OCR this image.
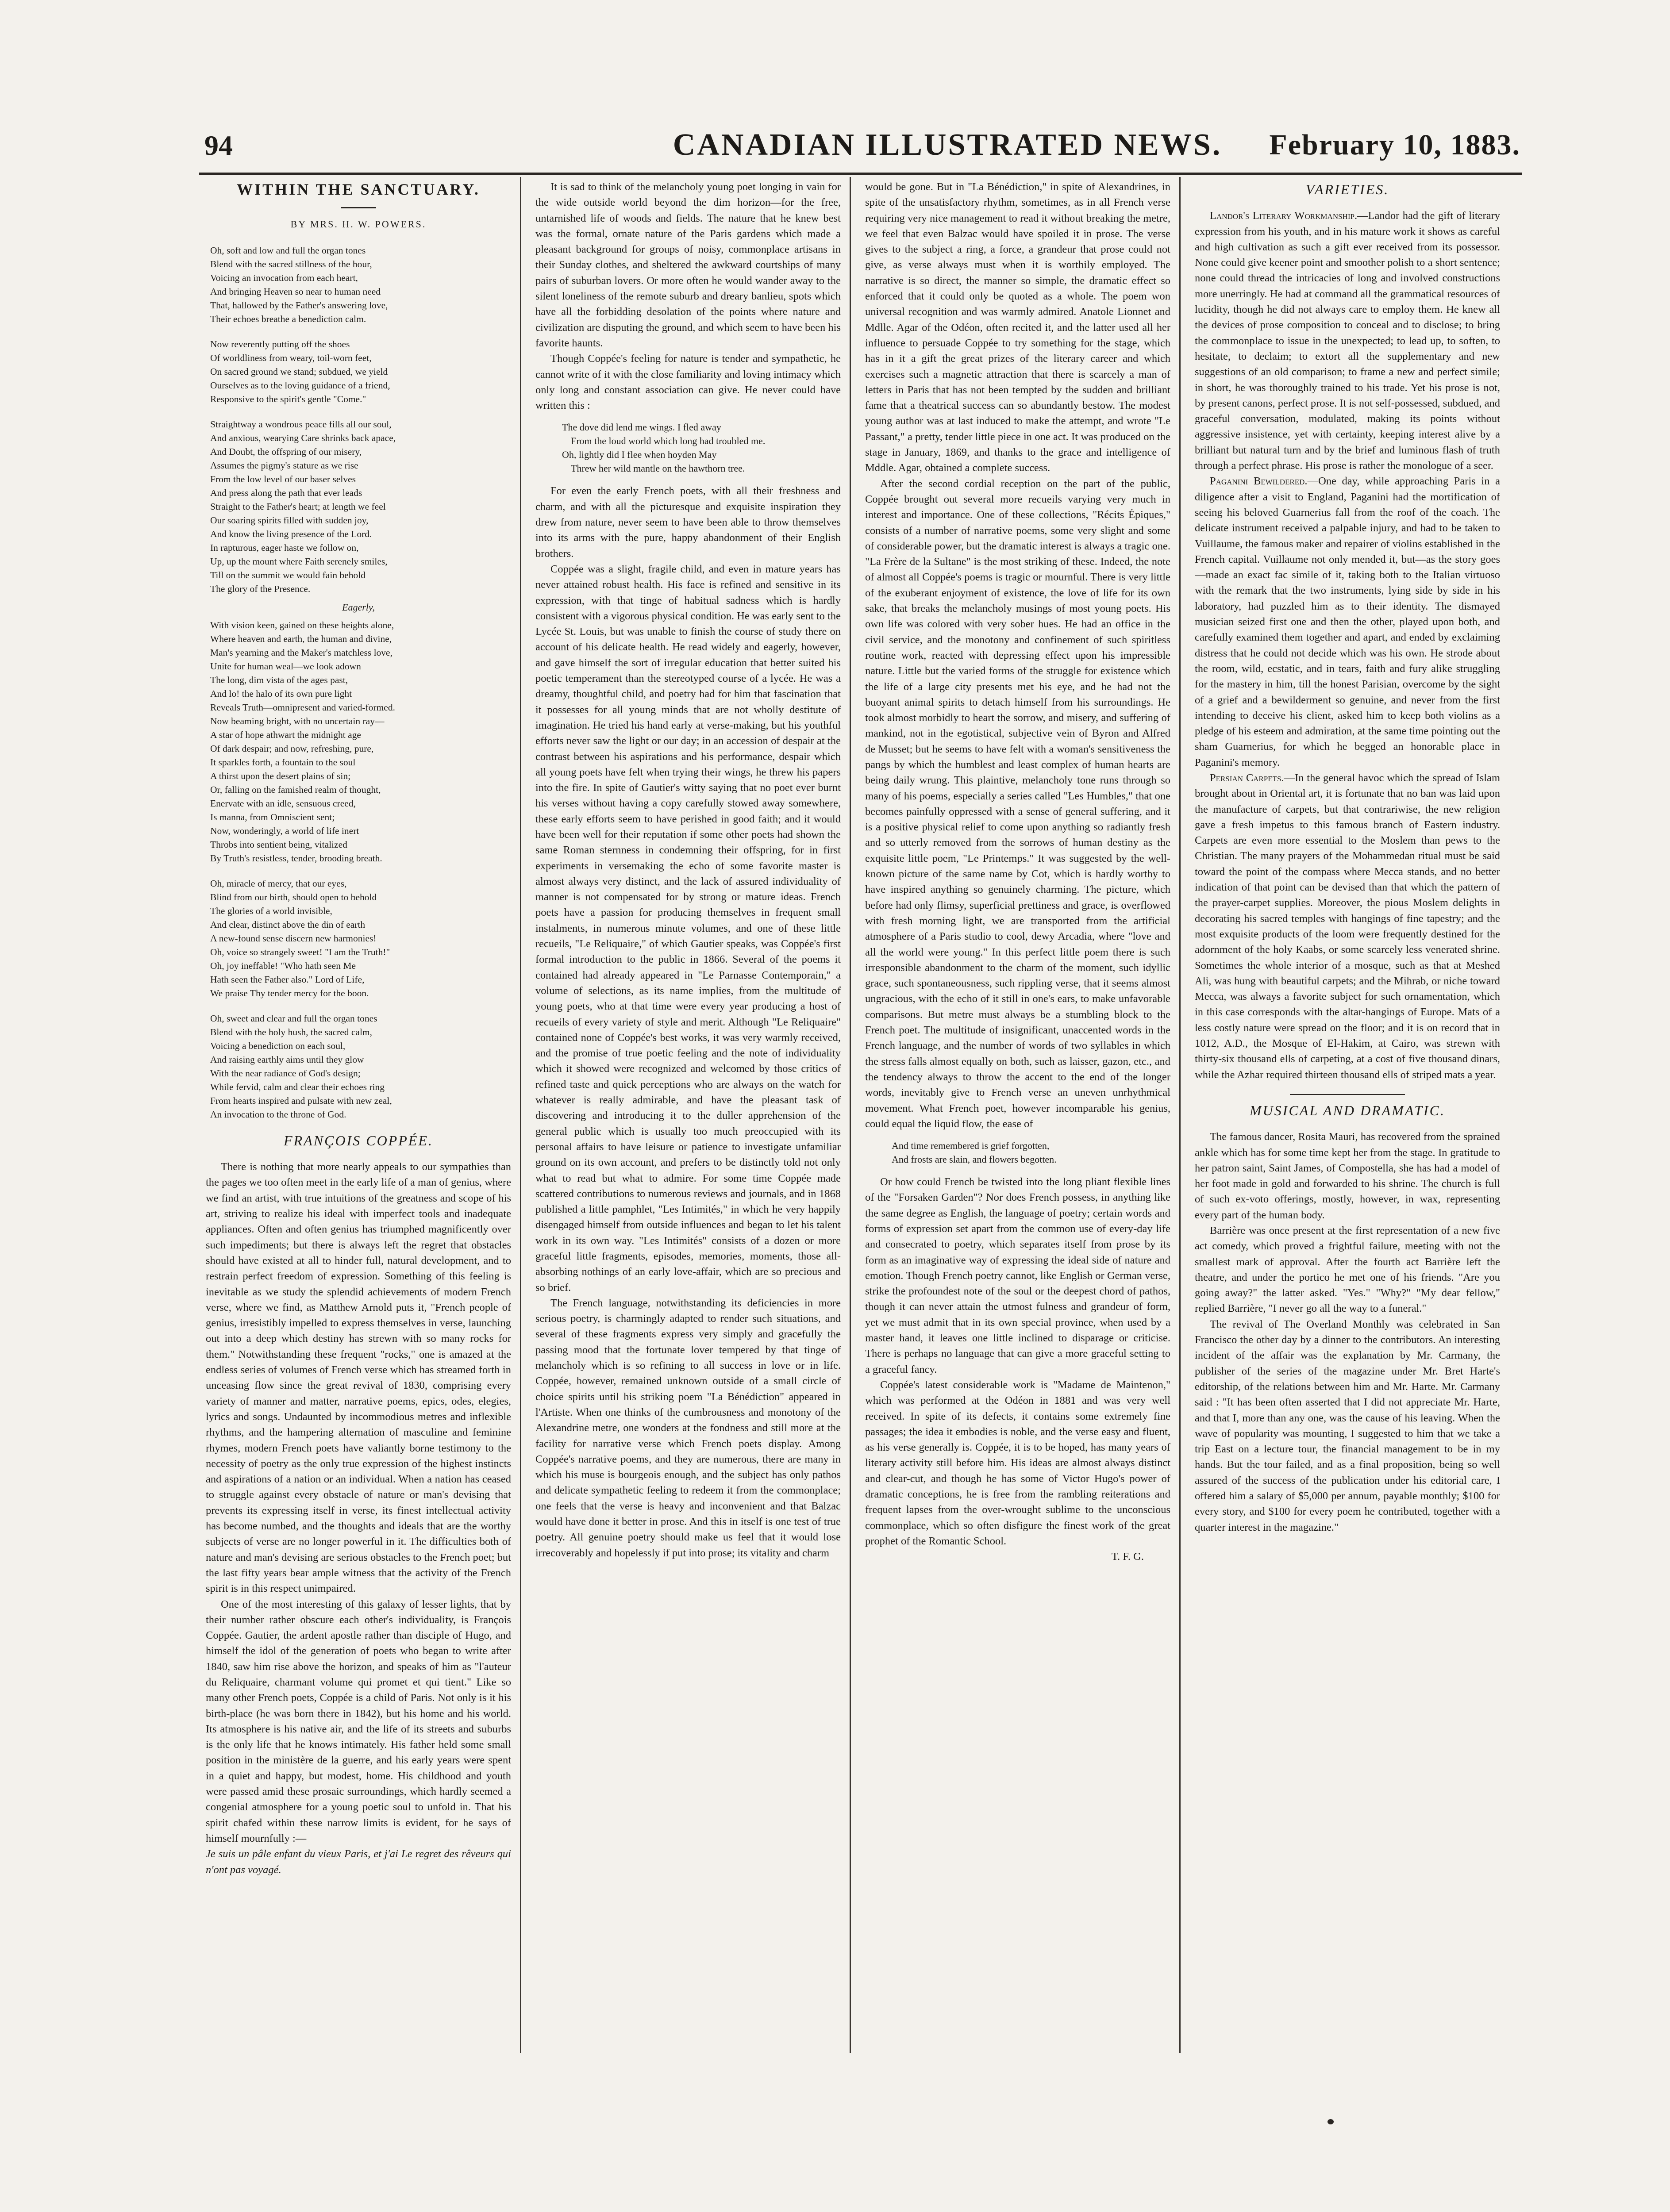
94	CANADIAN ILLUSTRATED NEWS.	February 10, 1883.
WITHIN THE SANCTUARY.
BY MRS. H. W. POWERS.
Oh, soft and low and full the organ tones
Blend with the sacred stillness of the hour,
Voicing an invocation from each heart,
And bringing Heaven so near to human need
That, hallowed by the Father's answering love,
Their echoes breathe a benediction calm.
Now reverently putting off the shoes
Of worldliness from weary, toil-worn feet,
On sacred ground we stand; subdued, we yield
Ourselves as to the loving guidance of a friend,
Responsive to the spirit's gentle "Come."
Straightway a wondrous peace fills all our soul,
And anxious, wearying Care shrinks back apace,
And Doubt, the offspring of our misery,
Assumes the pigmy's stature as we rise
From the low level of our baser selves
And press along the path that ever leads
Straight to the Father's heart; at length we feel
Our soaring spirits filled with sudden joy,
And know the living presence of the Lord.
In rapturous, eager haste we follow on,
Up, up the mount where Faith serenely smiles,
Till on the summit we would fain behold
The glory of the Presence.
Eagerly,
With vision keen, gained on these heights alone,
Where heaven and earth, the human and divine,
Man's yearning and the Maker's matchless love,
Unite for human weal—we look adown
The long, dim vista of the ages past,
And lo! the halo of its own pure light
Reveals Truth—omnipresent and varied-formed.
Now beaming bright, with no uncertain ray—
A star of hope athwart the midnight age
Of dark despair; and now, refreshing, pure,
It sparkles forth, a fountain to the soul
A thirst upon the desert plains of sin;
Or, falling on the famished realm of thought,
Enervate with an idle, sensuous creed,
Is manna, from Omniscient sent;
Now, wonderingly, a world of life inert
Throbs into sentient being, vitalized
By Truth's resistless, tender, brooding breath.
Oh, miracle of mercy, that our eyes,
Blind from our birth, should open to behold
The glories of a world invisible,
And clear, distinct above the din of earth
A new-found sense discern new harmonies!
Oh, voice so strangely sweet! "I am the Truth!"
Oh, joy ineffable! "Who hath seen Me
Hath seen the Father also." Lord of Life,
We praise Thy tender mercy for the boon.
Oh, sweet and clear and full the organ tones
Blend with the holy hush, the sacred calm,
Voicing a benediction on each soul,
And raising earthly aims until they glow
With the near radiance of God's design;
While fervid, calm and clear their echoes ring
From hearts inspired and pulsate with new zeal,
An invocation to the throne of God.
FRANÇOIS COPPÉE.

There is nothing that more nearly appeals to our sympathies than the pages we too often meet in the early life of a man of genius, where we find an artist, with true intuitions of the greatness and scope of his art, striving to realize his ideal with imperfect tools and inadequate appliances. Often and often genius has triumphed magnificently over such impediments; but there is always left the regret that obstacles should have existed at all to hinder full, natural development, and to restrain perfect freedom of expression. Something of this feeling is inevitable as we study the splendid achievements of modern French verse, where we find, as Matthew Arnold puts it, "French people of genius, irresistibly impelled to express themselves in verse, launching out into a deep which destiny has strewn with so many rocks for them." Notwithstanding these frequent "rocks," one is amazed at the endless series of volumes of French verse which has streamed forth in unceasing flow since the great revival of 1830, comprising every variety of manner and matter, narrative poems, epics, odes, elegies, lyrics and songs. Undaunted by incommodious metres and inflexible rhythms, and the hampering alternation of masculine and feminine rhymes, modern French poets have valiantly borne testimony to the necessity of poetry as the only true expression of the highest instincts and aspirations of a nation or an individual. When a nation has ceased to struggle against every obstacle of nature or man's devising that prevents its expressing itself in verse, its finest intellectual activity has become numbed, and the thoughts and ideals that are the worthy subjects of verse are no longer powerful in it. The difficulties both of nature and man's devising are serious obstacles to the French poet; but the last fifty years bear ample witness that the activity of the French spirit is in this respect unimpaired.

One of the most interesting of this galaxy of lesser lights, that by their number rather obscure each other's individuality, is François Coppée. Gautier, the ardent apostle rather than disciple of Hugo, and himself the idol of the generation of poets who began to write after 1840, saw him rise above the horizon, and speaks of him as "l'auteur du Reliquaire, charmant volume qui promet et qui tient." Like so many other French poets, Coppée is a child of Paris. Not only is it his birth-place (he was born there in 1842), but his home and his world. Its atmosphere is his native air, and the life of its streets and suburbs is the only life that he knows intimately. His father held some small position in the ministère de la guerre, and his early years were spent in a quiet and happy, but modest, home. His childhood and youth were passed amid these prosaic surroundings, which hardly seemed a congenial atmosphere for a young poetic soul to unfold in. That his spirit chafed within these narrow limits is evident, for he says of himself mournfully :—

Je suis un pâle enfant du vieux Paris, et j'ai Le regret des rêveurs qui n'ont pas voyagé.

It is sad to think of the melancholy young poet longing in vain for the wide outside world beyond the dim horizon—for the free, untarnished life of woods and fields. The nature that he knew best was the formal, ornate nature of the Paris gardens which made a pleasant background for groups of noisy, commonplace artisans in their Sunday clothes, and sheltered the awkward courtships of many pairs of suburban lovers. Or more often he would wander away to the silent loneliness of the remote suburb and dreary banlieu, spots which have all the forbidding desolation of the points where nature and civilization are disputing the ground, and which seem to have been his favorite haunts.

Though Coppée's feeling for nature is tender and sympathetic, he cannot write of it with the close familiarity and loving intimacy which only long and constant association can give. He never could have written this :

The dove did lend me wings. I fled away
From the loud world which long had troubled me.
Oh, lightly did I flee when hoyden May
Threw her wild mantle on the hawthorn tree.

For even the early French poets, with all their freshness and charm, and with all the picturesque and exquisite inspiration they drew from nature, never seem to have been able to throw themselves into its arms with the pure, happy abandonment of their English brothers.

Coppée was a slight, fragile child, and even in mature years has never attained robust health. His face is refined and sensitive in its expression, with that tinge of habitual sadness which is hardly consistent with a vigorous physical condition. He was early sent to the Lycée St. Louis, but was unable to finish the course of study there on account of his delicate health. He read widely and eagerly, however, and gave himself the sort of irregular education that better suited his poetic temperament than the stereotyped course of a lycée. He was a dreamy, thoughtful child, and poetry had for him that fascination that it possesses for all young minds that are not wholly destitute of imagination. He tried his hand early at verse-making, but his youthful efforts never saw the light or our day; in an accession of despair at the contrast between his aspirations and his performance, despair which all young poets have felt when trying their wings, he threw his papers into the fire. In spite of Gautier's witty saying that no poet ever burnt his verses without having a copy carefully stowed away somewhere, these early efforts seem to have perished in good faith; and it would have been well for their reputation if some other poets had shown the same Roman sternness in condemning their offspring, for in first experiments in versemaking the echo of some favorite master is almost always very distinct, and the lack of assured individuality of manner is not compensated for by strong or mature ideas. French poets have a passion for producing themselves in frequent small instalments, in numerous minute volumes, and one of these little recueils, "Le Reliquaire," of which Gautier speaks, was Coppée's first formal introduction to the public in 1866. Several of the poems it contained had already appeared in "Le Parnasse Contemporain," a volume of selections, as its name implies, from the multitude of young poets, who at that time were every year producing a host of recueils of every variety of style and merit. Although "Le Reliquaire" contained none of Coppée's best works, it was very warmly received, and the promise of true poetic feeling and the note of individuality which it showed were recognized and welcomed by those critics of refined taste and quick perceptions who are always on the watch for whatever is really admirable, and have the pleasant task of discovering and introducing it to the duller apprehension of the general public which is usually too much preoccupied with its personal affairs to have leisure or patience to investigate unfamiliar ground on its own account, and prefers to be distinctly told not only what to read but what to admire. For some time Coppée made scattered contributions to numerous reviews and journals, and in 1868 published a little pamphlet, "Les Intimités," in which he very happily disengaged himself from outside influences and began to let his talent work in its own way. "Les Intimités" consists of a dozen or more graceful little fragments, episodes, memories, moments, those all-absorbing nothings of an early love-affair, which are so precious and so brief.

The French language, notwithstanding its deficiencies in more serious poetry, is charmingly adapted to render such situations, and several of these fragments express very simply and gracefully the passing mood that the fortunate lover tempered by that tinge of melancholy which is so refining to all success in love or in life. Coppée, however, remained unknown outside of a small circle of choice spirits until his striking poem "La Bénédiction" appeared in l'Artiste. When one thinks of the cumbrousness and monotony of the Alexandrine metre, one wonders at the fondness and still more at the facility for narrative verse which French poets display. Among Coppée's narrative poems, and they are numerous, there are many in which his muse is bourgeois enough, and the subject has only pathos and delicate sympathetic feeling to redeem it from the commonplace; one feels that the verse is heavy and inconvenient and that Balzac would have done it better in prose. And this in itself is one test of true poetry. All genuine poetry should make us feel that it would lose irrecoverably and hopelessly if put into prose; its vitality and charm

would be gone. But in "La Bénédiction," in spite of Alexandrines, in spite of the unsatisfactory rhythm, sometimes, as in all French verse requiring very nice management to read it without breaking the metre, we feel that even Balzac would have spoiled it in prose. The verse gives to the subject a ring, a force, a grandeur that prose could not give, as verse always must when it is worthily employed. The narrative is so direct, the manner so simple, the dramatic effect so enforced that it could only be quoted as a whole. The poem won universal recognition and was warmly admired. Anatole Lionnet and Mdlle. Agar of the Odéon, often recited it, and the latter used all her influence to persuade Coppée to try something for the stage, which has in it a gift the great prizes of the literary career and which exercises such a magnetic attraction that there is scarcely a man of letters in Paris that has not been tempted by the sudden and brilliant fame that a theatrical success can so abundantly bestow. The modest young author was at last induced to make the attempt, and wrote "Le Passant," a pretty, tender little piece in one act. It was produced on the stage in January, 1869, and thanks to the grace and intelligence of Mddle. Agar, obtained a complete success.

After the second cordial reception on the part of the public, Coppée brought out several more recueils varying very much in interest and importance. One of these collections, "Récits Épiques," consists of a number of narrative poems, some very slight and some of considerable power, but the dramatic interest is always a tragic one. "La Frère de la Sultane" is the most striking of these. Indeed, the note of almost all Coppée's poems is tragic or mournful. There is very little of the exuberant enjoyment of existence, the love of life for its own sake, that breaks the melancholy musings of most young poets. His own life was colored with very sober hues. He had an office in the civil service, and the monotony and confinement of such spiritless routine work, reacted with depressing effect upon his impressible nature. Little but the varied forms of the struggle for existence which the life of a large city presents met his eye, and he had not the buoyant animal spirits to detach himself from his surroundings. He took almost morbidly to heart the sorrow, and misery, and suffering of mankind, not in the egotistical, subjective vein of Byron and Alfred de Musset; but he seems to have felt with a woman's sensitiveness the pangs by which the humblest and least complex of human hearts are being daily wrung. This plaintive, melancholy tone runs through so many of his poems, especially a series called "Les Humbles," that one becomes painfully oppressed with a sense of general suffering, and it is a positive physical relief to come upon anything so radiantly fresh and so utterly removed from the sorrows of human destiny as the exquisite little poem, "Le Printemps." It was suggested by the well-known picture of the same name by Cot, which is hardly worthy to have inspired anything so genuinely charming. The picture, which before had only flimsy, superficial prettiness and grace, is overflowed with fresh morning light, we are transported from the artificial atmosphere of a Paris studio to cool, dewy Arcadia, where "love and all the world were young." In this perfect little poem there is such irresponsible abandonment to the charm of the moment, such idyllic grace, such spontaneousness, such rippling verse, that it seems almost ungracious, with the echo of it still in one's ears, to make unfavorable comparisons. But metre must always be a stumbling block to the French poet. The multitude of insignificant, unaccented words in the French language, and the number of words of two syllables in which the stress falls almost equally on both, such as laisser, gazon, etc., and the tendency always to throw the accent to the end of the longer words, inevitably give to French verse an uneven unrhythmical movement. What French poet, however incomparable his genius, could equal the liquid flow, the ease of

And time remembered is grief forgotten,
And frosts are slain, and flowers begotten.

Or how could French be twisted into the long pliant flexible lines of the "Forsaken Garden"? Nor does French possess, in anything like the same degree as English, the language of poetry; certain words and forms of expression set apart from the common use of every-day life and consecrated to poetry, which separates itself from prose by its form as an imaginative way of expressing the ideal side of nature and emotion. Though French poetry cannot, like English or German verse, strike the profoundest note of the soul or the deepest chord of pathos, though it can never attain the utmost fulness and grandeur of form, yet we must admit that in its own special province, when used by a master hand, it leaves one little inclined to disparage or criticise. There is perhaps no language that can give a more graceful setting to a graceful fancy.

Coppée's latest considerable work is "Madame de Maintenon," which was performed at the Odéon in 1881 and was very well received. In spite of its defects, it contains some extremely fine passages; the idea it embodies is noble, and the verse easy and fluent, as his verse generally is. Coppée, it is to be hoped, has many years of literary activity still before him. His ideas are almost always distinct and clear-cut, and though he has some of Victor Hugo's power of dramatic conceptions, he is free from the rambling reiterations and frequent lapses from the over-wrought sublime to the unconscious commonplace, which so often disfigure the finest work of the great prophet of the Romantic School.

T. F. G.

VARIETIES.

Landor's Literary Workmanship.—Landor had the gift of literary expression from his youth, and in his mature work it shows as careful and high cultivation as such a gift ever received from its possessor. None could give keener point and smoother polish to a short sentence; none could thread the intricacies of long and involved constructions more unerringly. He had at command all the grammatical resources of lucidity, though he did not always care to employ them. He knew all the devices of prose composition to conceal and to disclose; to bring the commonplace to issue in the unexpected; to lead up, to soften, to hesitate, to declaim; to extort all the supplementary and new suggestions of an old comparison; to frame a new and perfect simile; in short, he was thoroughly trained to his trade. Yet his prose is not, by present canons, perfect prose. It is not self-possessed, subdued, and graceful conversation, modulated, making its points without aggressive insistence, yet with certainty, keeping interest alive by a brilliant but natural turn and by the brief and luminous flash of truth through a perfect phrase. His prose is rather the monologue of a seer.

Paganini Bewildered.—One day, while approaching Paris in a diligence after a visit to England, Paganini had the mortification of seeing his beloved Guarnerius fall from the roof of the coach. The delicate instrument received a palpable injury, and had to be taken to Vuillaume, the famous maker and repairer of violins established in the French capital. Vuillaume not only mended it, but—as the story goes—made an exact fac simile of it, taking both to the Italian virtuoso with the remark that the two instruments, lying side by side in his laboratory, had puzzled him as to their identity. The dismayed musician seized first one and then the other, played upon both, and carefully examined them together and apart, and ended by exclaiming distress that he could not decide which was his own. He strode about the room, wild, ecstatic, and in tears, faith and fury alike struggling for the mastery in him, till the honest Parisian, overcome by the sight of a grief and a bewilderment so genuine, and never from the first intending to deceive his client, asked him to keep both violins as a pledge of his esteem and admiration, at the same time pointing out the sham Guarnerius, for which he begged an honorable place in Paganini's memory.

Persian Carpets.—In the general havoc which the spread of Islam brought about in Oriental art, it is fortunate that no ban was laid upon the manufacture of carpets, but that contrariwise, the new religion gave a fresh impetus to this famous branch of Eastern industry. Carpets are even more essential to the Moslem than pews to the Christian. The many prayers of the Mohammedan ritual must be said toward the point of the compass where Mecca stands, and no better indication of that point can be devised than that which the pattern of the prayer-carpet supplies. Moreover, the pious Moslem delights in decorating his sacred temples with hangings of fine tapestry; and the most exquisite products of the loom were frequently destined for the adornment of the holy Kaabs, or some scarcely less venerated shrine. Sometimes the whole interior of a mosque, such as that at Meshed Ali, was hung with beautiful carpets; and the Mihrab, or niche toward Mecca, was always a favorite subject for such ornamentation, which in this case corresponds with the altar-hangings of Europe. Mats of a less costly nature were spread on the floor; and it is on record that in 1012, A.D., the Mosque of El-Hakim, at Cairo, was strewn with thirty-six thousand ells of carpeting, at a cost of five thousand dinars, while the Azhar required thirteen thousand ells of striped mats a year.

MUSICAL AND DRAMATIC.

The famous dancer, Rosita Mauri, has recovered from the sprained ankle which has for some time kept her from the stage. In gratitude to her patron saint, Saint James, of Compostella, she has had a model of her foot made in gold and forwarded to his shrine. The church is full of such ex-voto offerings, mostly, however, in wax, representing every part of the human body.

Barrière was once present at the first representation of a new five act comedy, which proved a frightful failure, meeting with not the smallest mark of approval. After the fourth act Barrière left the theatre, and under the portico he met one of his friends. "Are you going away?" the latter asked. "Yes." "Why?" "My dear fellow," replied Barrière, "I never go all the way to a funeral."

The revival of The Overland Monthly was celebrated in San Francisco the other day by a dinner to the contributors. An interesting incident of the affair was the explanation by Mr. Carmany, the publisher of the series of the magazine under Mr. Bret Harte's editorship, of the relations between him and Mr. Harte. Mr. Carmany said : "It has been often asserted that I did not appreciate Mr. Harte, and that I, more than any one, was the cause of his leaving. When the wave of popularity was mounting, I suggested to him that we take a trip East on a lecture tour, the financial management to be in my hands. But the tour failed, and as a final proposition, being so well assured of the success of the publication under his editorial care, I offered him a salary of $5,000 per annum, payable monthly; $100 for every story, and $100 for every poem he contributed, together with a quarter interest in the magazine."
